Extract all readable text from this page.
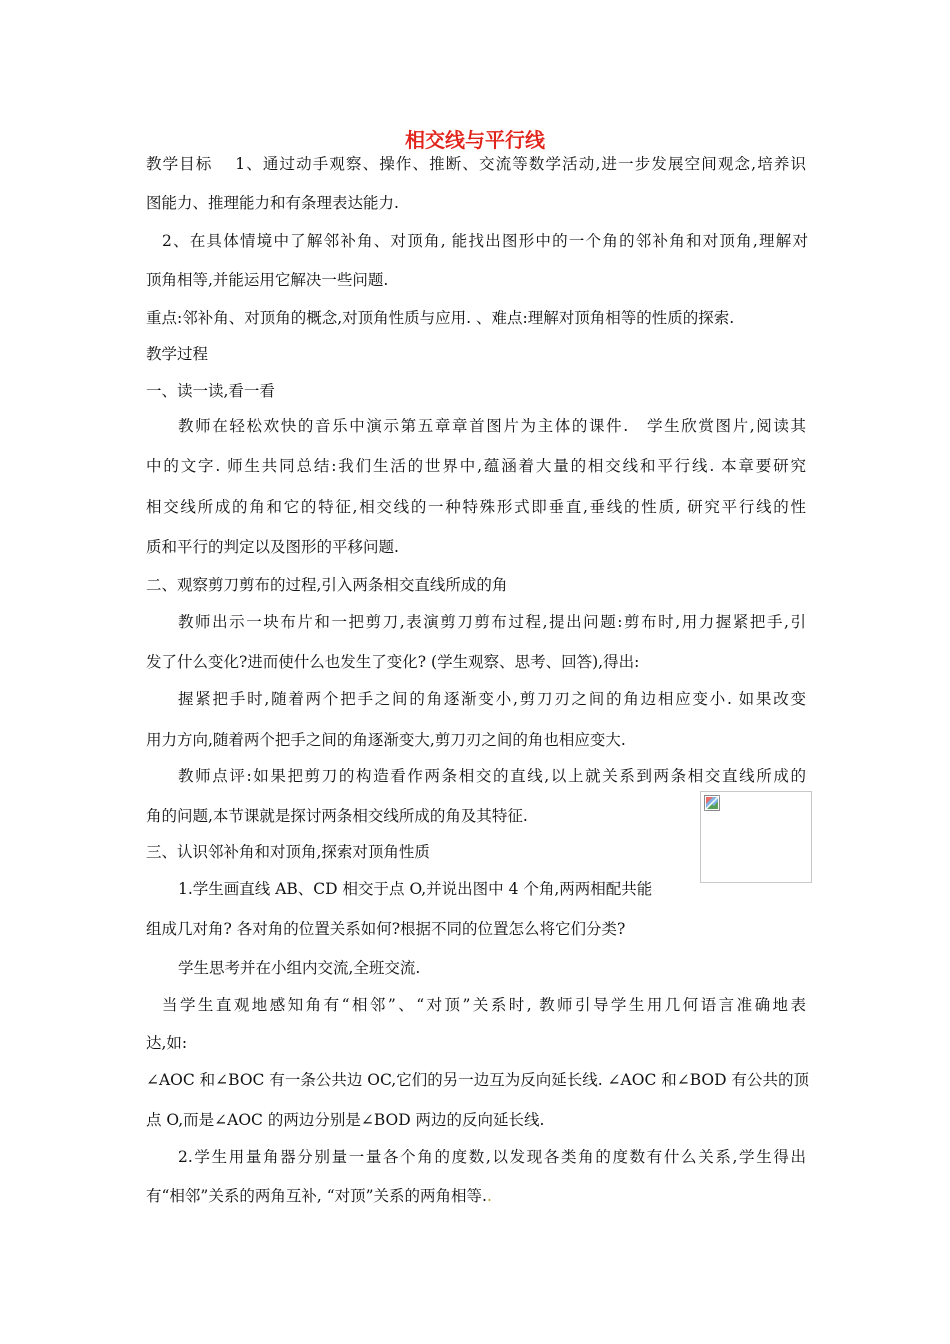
相交线与平行线
教学目标　 1、通过动手观察、操作、推断、交流等数学活动,进一步发展空间观念,培养识
图能力、推理能力和有条理表达能力.
2、在具体情境中了解邻补角、对顶角, 能找出图形中的一个角的邻补角和对顶角,理解对
顶角相等,并能运用它解决一些问题.
重点:邻补角、对顶角的概念,对顶角性质与应用. 、难点:理解对顶角相等的性质的探索.
教学过程
一、读一读,看一看
教师在轻松欢快的音乐中演示第五章章首图片为主体的课件.　学生欣赏图片,阅读其
中的文字. 师生共同总结:我们生活的世界中,蕴涵着大量的相交线和平行线. 本章要研究
相交线所成的角和它的特征,相交线的一种特殊形式即垂直,垂线的性质, 研究平行线的性
质和平行的判定以及图形的平移问题.
二、观察剪刀剪布的过程,引入两条相交直线所成的角
教师出示一块布片和一把剪刀,表演剪刀剪布过程,提出问题:剪布时,用力握紧把手,引
发了什么变化?进而使什么也发生了变化? (学生观察、思考、回答),得出:
握紧把手时,随着两个把手之间的角逐渐变小,剪刀刃之间的角边相应变小. 如果改变
用力方向,随着两个把手之间的角逐渐变大,剪刀刃之间的角也相应变大.
教师点评:如果把剪刀的构造看作两条相交的直线,以上就关系到两条相交直线所成的
角的问题,本节课就是探讨两条相交线所成的角及其特征.
三、认识邻补角和对顶角,探索对顶角性质
1.学生画直线 AB、CD 相交于点 O,并说出图中 4 个角,两两相配共能
组成几对角? 各对角的位置关系如何?根据不同的位置怎么将它们分类?
学生思考并在小组内交流,全班交流.
当学生直观地感知角有“相邻”、“对顶”关系时, 教师引导学生用几何语言准确地表
达,如:
∠AOC 和∠BOC 有一条公共边 OC,它们的另一边互为反向延长线. ∠AOC 和∠BOD 有公共的顶
点 O,而是∠AOC 的两边分别是∠BOD 两边的反向延长线.
2.学生用量角器分别量一量各个角的度数,以发现各类角的度数有什么关系,学生得出
有“相邻”关系的两角互补, “对顶”关系的两角相等..
